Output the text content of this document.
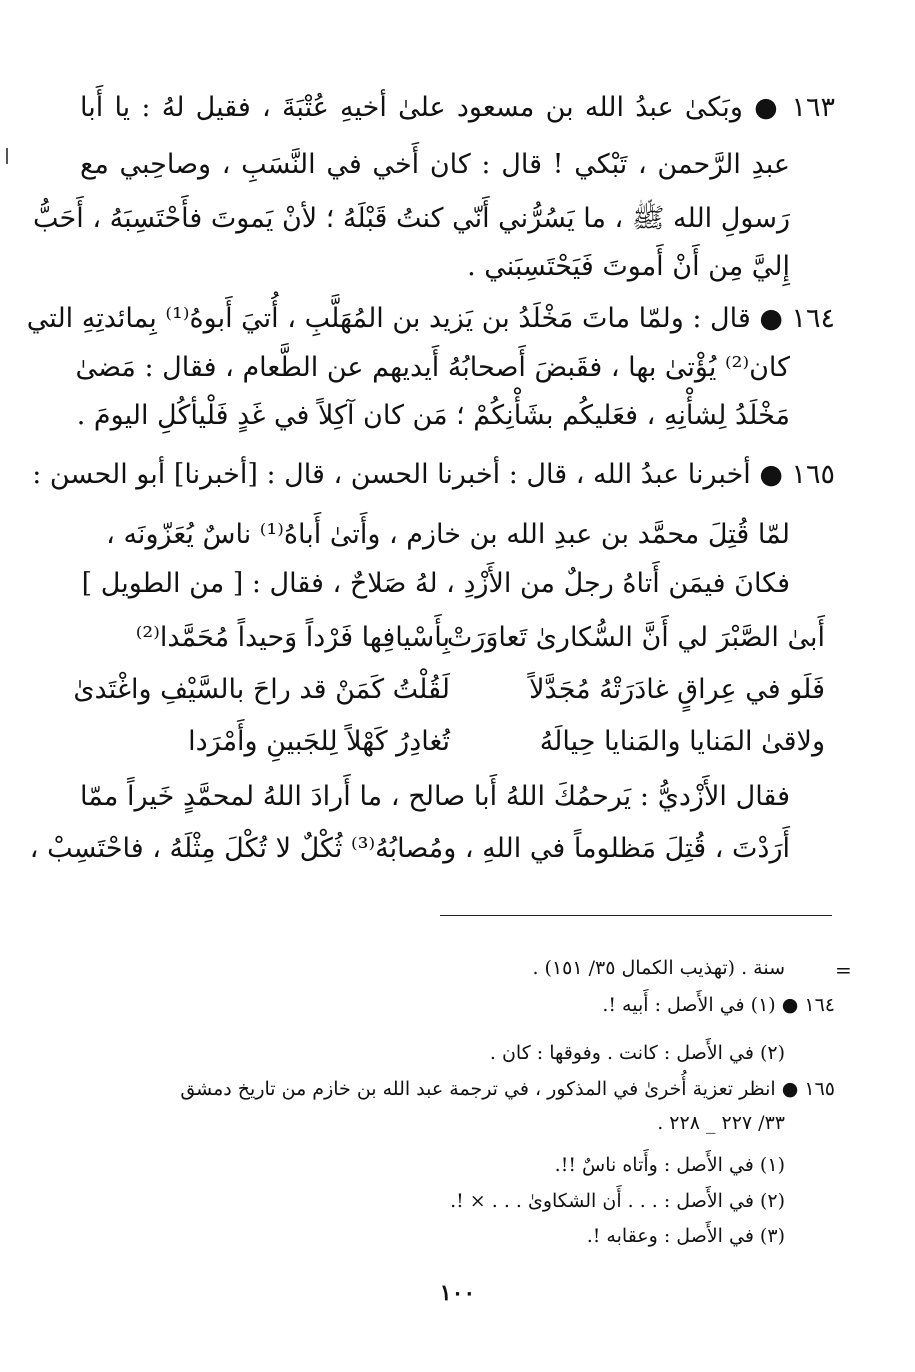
١٦٣ ● وبَكىٰ عبدُ الله بن مسعود علىٰ أخيهِ عُتْبَةَ ، فقيل لهُ : يا أَبا
عبدِ الرَّحمن ، تَبْكي ! قال : كان أَخي في النَّسَبِ ، وصاحِبي مع
رَسولِ الله ﷺ ، ما يَسُرُّني أَنّي كنتُ قَبْلَهُ ؛ لأنْ يَموتَ فأَحْتَسِبَهُ ، أَحَبُّ
إِليَّ مِن أَنْ أَموتَ فَيَحْتَسِبَني .
١٦٤ ● قال : ولمّا ماتَ مَخْلَدُ بن يَزيد بن المُهَلَّبِ ، أُتيَ أَبوهُ⁽¹⁾ بِمائدتِهِ التي
كان⁽²⁾ يُؤْتىٰ بها ، فقَبضَ أَصحابُهُ أَيديهم عن الطَّعام ، فقال : مَضىٰ
مَخْلَدُ لِشأْنِهِ ، فعَليكُم بشَأْنِكُمْ ؛ مَن كان آكِلاً في غَدٍ فَلْيأكُلِ اليومَ .
١٦٥ ● أخبرنا عبدُ الله ، قال : أخبرنا الحسن ، قال : [أخبرنا] أبو الحسن :
لمّا قُتِلَ محمَّد بن عبدِ الله بن خازم ، وأَتىٰ أَباهُ⁽¹⁾ ناسٌ يُعَزّونَه ،
فكانَ فيمَن أَتاهُ رجلٌ من الأَزْدِ ، لهُ صَلاحٌ ، فقال : [ من الطويل ]
أَبىٰ الصَّبْرَ لي أَنَّ السُّكارىٰ تَعاوَرَتْ
بِأَسْيافِها فَرْداً وَحيداً مُحَمَّدا⁽²⁾
فَلَو في عِراقٍ غادَرَتْهُ مُجَدَّلاً
لَقُلْتُ كَمَنْ قد راحَ بالسَّيْفِ واغْتَدىٰ
ولاقىٰ المَنايا والمَنايا حِيالَهُ
تُغادِرُ كَهْلاً لِلجَبينِ وأَمْرَدا
فقال الأَزْديُّ : يَرحمُكَ اللهُ أَبا صالح ، ما أَرادَ اللهُ لمحمَّدٍ خَيراً ممّا
أَرَدْتَ ، قُتِلَ مَظلوماً في اللهِ ، ومُصابُهُ⁽³⁾ ثُكْلٌ لا تُكْلَ مِثْلَهُ ، فاحْتَسِبْ ،
=
سنة . (تهذيب الكمال ٣٥/ ١٥١) .
١٦٤ ● (١) في الأَصل : أَبيه !.
(٢) في الأَصل : كانت . وفوقها : كان .
١٦٥ ● انظر تعزية أُخرىٰ في المذكور ، في ترجمة عبد الله بن خازم من تاريخ دمشق
٣٣/ ٢٢٧ _ ٢٢٨ .
(١) في الأَصل : وأَتاه ناسٌ !!.
(٢) في الأَصل : . . . أَن الشكاوىٰ . . . × !.
(٣) في الأَصل : وعقابه !.
١٠٠
